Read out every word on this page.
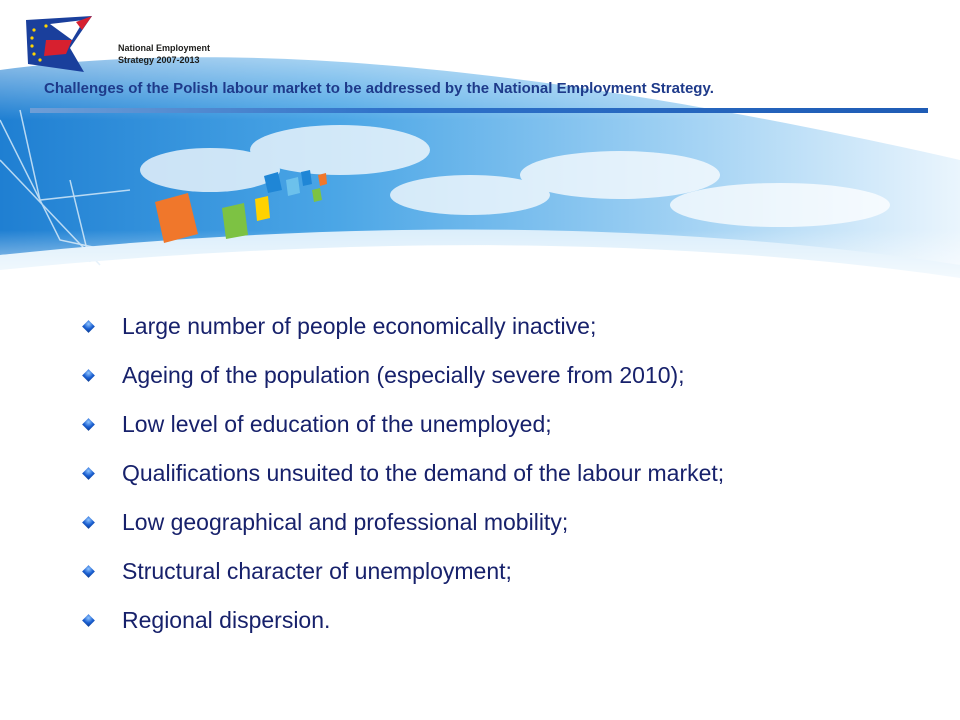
National Employment
Strategy 2007-2013
Challenges of the Polish labour market to be addressed by the National Employment Strategy.
Large number of people economically inactive;
Ageing of the population (especially severe from 2010);
Low level of education of the unemployed;
Qualifications unsuited to the demand of the labour market;
Low geographical and professional mobility;
Structural character of unemployment;
Regional dispersion.
